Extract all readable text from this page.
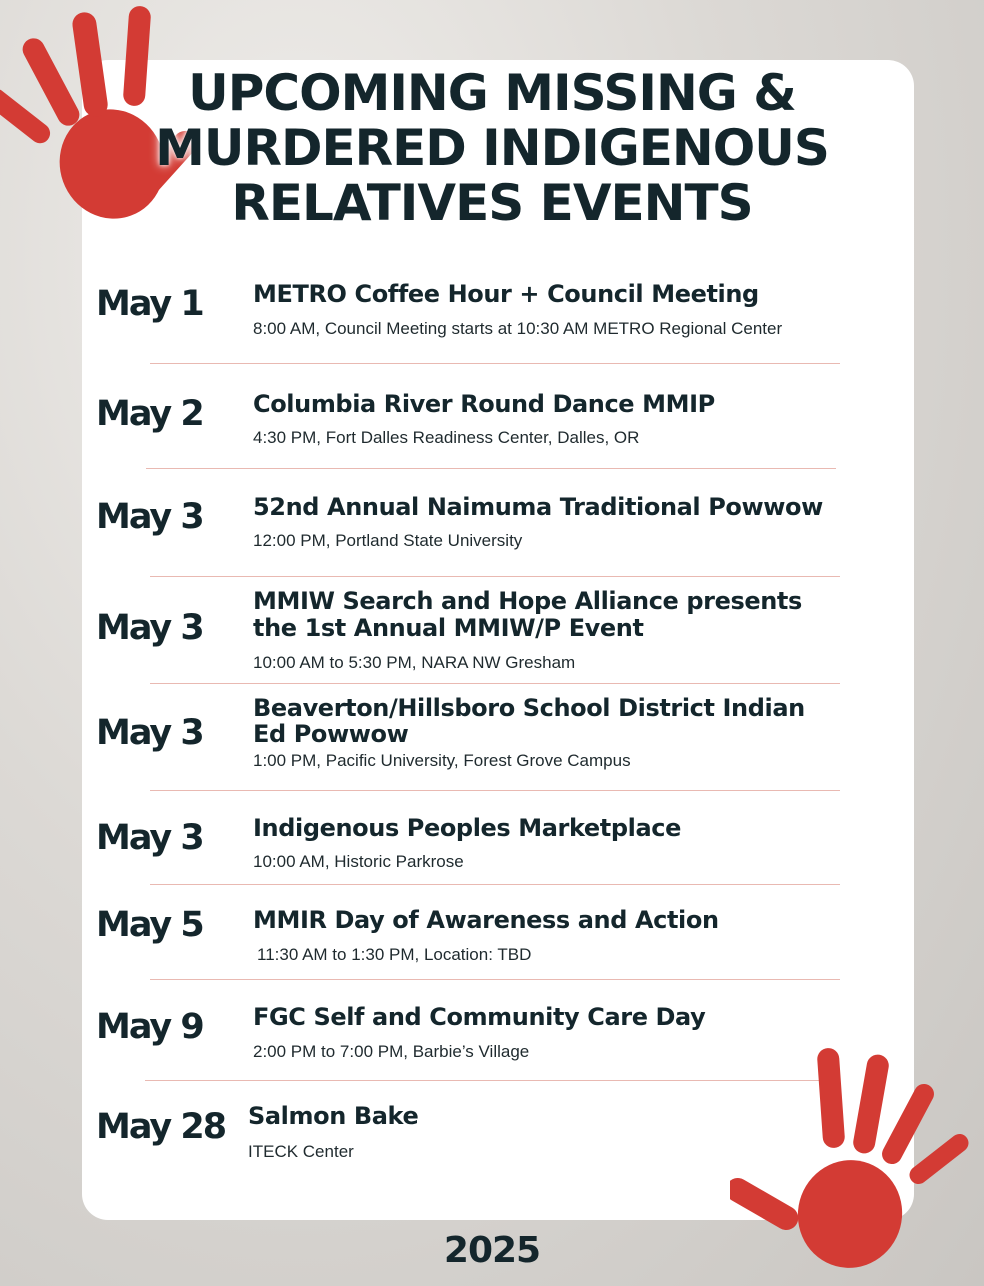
UPCOMING MISSING &
MURDERED INDIGENOUS
RELATIVES EVENTS
May 1 METRO Coffee Hour + Council Meeting
8:00 AM, Council Meeting starts at 10:30 AM METRO Regional Center
May 2 Columbia River Round Dance MMIP
4:30 PM, Fort Dalles Readiness Center, Dalles, OR
May 3 52nd Annual Naimuma Traditional Powwow
12:00 PM, Portland State University
May 3
MMIW Search and Hope Alliance presents
the 1st Annual MMIW/P Event
10:00 AM to 5:30 PM, NARA NW Gresham
May 3
Beaverton/Hillsboro School District Indian
Ed Powwow
1:00 PM, Pacific University, Forest Grove Campus
May 3 Indigenous Peoples Marketplace
10:00 AM, Historic Parkrose
May 5 MMIR Day of Awareness and Action
11:30 AM to 1:30 PM, Location: TBD
May 9 FGC Self and Community Care Day
2:00 PM to 7:00 PM, Barbie’s Village
May 28 Salmon Bake
ITECK Center
2025
